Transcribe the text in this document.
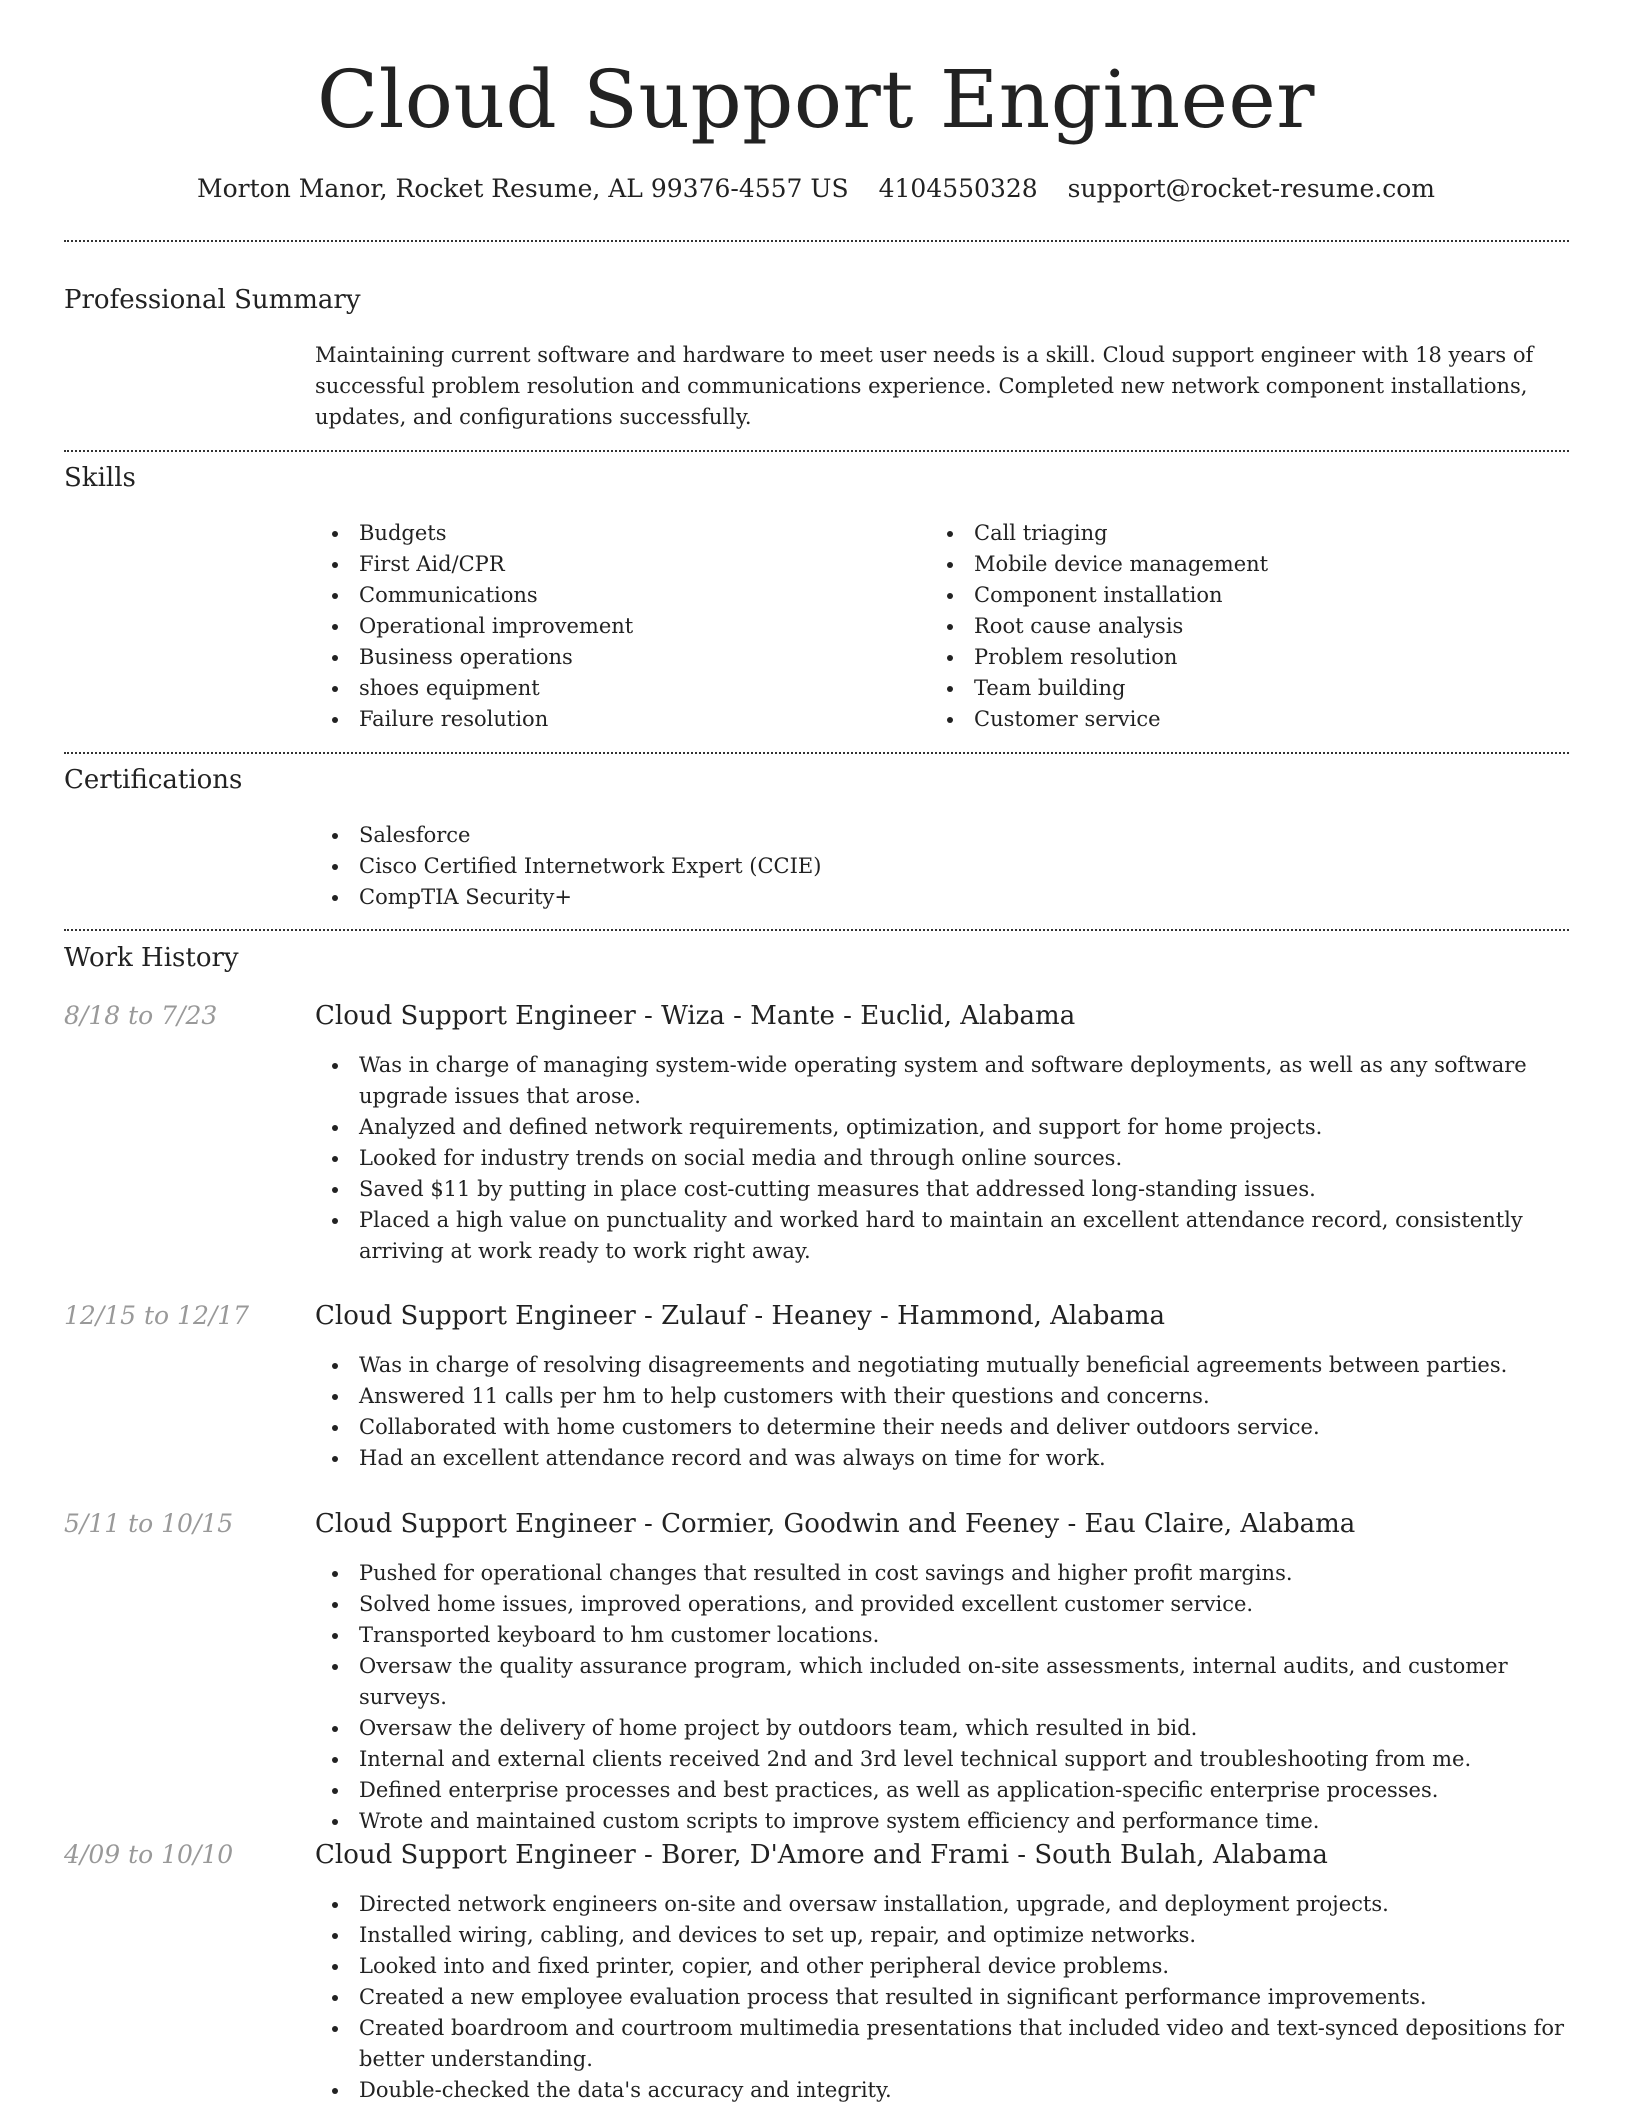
Cloud Support Engineer
Morton Manor, Rocket Resume, AL 99376-4557 US 4104550328 support@rocket-resume.com
Professional Summary

Maintaining current software and hardware to meet user needs is a skill. Cloud support engineer with 18 years of successful problem resolution and communications experience. Completed new network component installations, updates, and configurations successfully.

Skills
Budgets
First Aid/CPR
Communications
Operational improvement
Business operations
shoes equipment
Failure resolution
Call triaging
Mobile device management
Component installation
Root cause analysis
Problem resolution
Team building
Customer service
Certifications
Salesforce
Cisco Certified Internetwork Expert (CCIE)
CompTIA Security+
Work History
8/18 to 7/23	Cloud Support Engineer - Wiza - Mante - Euclid, Alabama
Was in charge of managing system-wide operating system and software deployments, as well as any software upgrade issues that arose.
Analyzed and defined network requirements, optimization, and support for home projects.
Looked for industry trends on social media and through online sources.
Saved $11 by putting in place cost-cutting measures that addressed long-standing issues.
Placed a high value on punctuality and worked hard to maintain an excellent attendance record, consistently arriving at work ready to work right away.
12/15 to 12/17	Cloud Support Engineer - Zulauf - Heaney - Hammond, Alabama
Was in charge of resolving disagreements and negotiating mutually beneficial agreements between parties.
Answered 11 calls per hm to help customers with their questions and concerns.
Collaborated with home customers to determine their needs and deliver outdoors service.
Had an excellent attendance record and was always on time for work.
5/11 to 10/15	Cloud Support Engineer - Cormier, Goodwin and Feeney - Eau Claire, Alabama
Pushed for operational changes that resulted in cost savings and higher profit margins.
Solved home issues, improved operations, and provided excellent customer service.
Transported keyboard to hm customer locations.
Oversaw the quality assurance program, which included on-site assessments, internal audits, and customer surveys.
Oversaw the delivery of home project by outdoors team, which resulted in bid.
Internal and external clients received 2nd and 3rd level technical support and troubleshooting from me.
Defined enterprise processes and best practices, as well as application-specific enterprise processes.
Wrote and maintained custom scripts to improve system efficiency and performance time.
4/09 to 10/10	Cloud Support Engineer - Borer, D'Amore and Frami - South Bulah, Alabama
Directed network engineers on-site and oversaw installation, upgrade, and deployment projects.
Installed wiring, cabling, and devices to set up, repair, and optimize networks.
Looked into and fixed printer, copier, and other peripheral device problems.
Created a new employee evaluation process that resulted in significant performance improvements.
Created boardroom and courtroom multimedia presentations that included video and text-synced depositions for better understanding.
Double-checked the data's accuracy and integrity.
